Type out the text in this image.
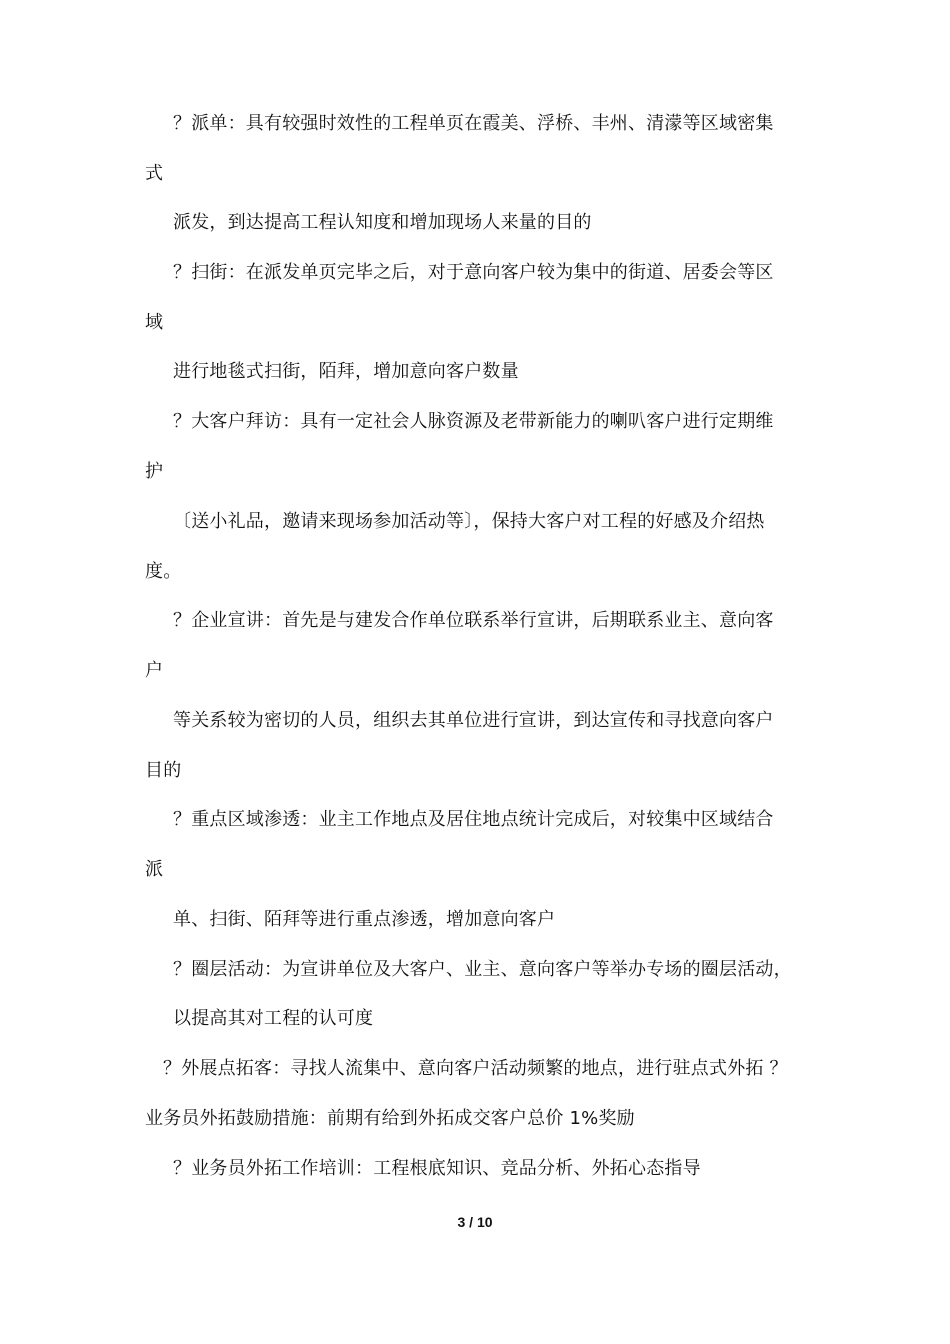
？派单：具有较强时效性的工程单页在霞美、浮桥、丰州、清濛等区域密集
式
派发，到达提高工程认知度和增加现场人来量的目的
？扫街：在派发单页完毕之后，对于意向客户较为集中的街道、居委会等区
域
进行地毯式扫街，陌拜，增加意向客户数量
？大客户拜访：具有一定社会人脉资源及老带新能力的喇叭客户进行定期维
护
〔送小礼品，邀请来现场参加活动等〕，保持大客户对工程的好感及介绍热
度。
？企业宣讲：首先是与建发合作单位联系举行宣讲，后期联系业主、意向客
户
等关系较为密切的人员，组织去其单位进行宣讲，到达宣传和寻找意向客户
目的
？重点区域渗透：业主工作地点及居住地点统计完成后，对较集中区域结合
派
单、扫街、陌拜等进行重点渗透，增加意向客户
？圈层活动：为宣讲单位及大客户、业主、意向客户等举办专场的圈层活动，
以提高其对工程的认可度
？外展点拓客：寻找人流集中、意向客户活动频繁的地点，进行驻点式外拓 ？
业务员外拓鼓励措施：前期有给到外拓成交客户总价 1%奖励
？业务员外拓工作培训：工程根底知识、竞品分析、外拓心态指导
3 / 10
